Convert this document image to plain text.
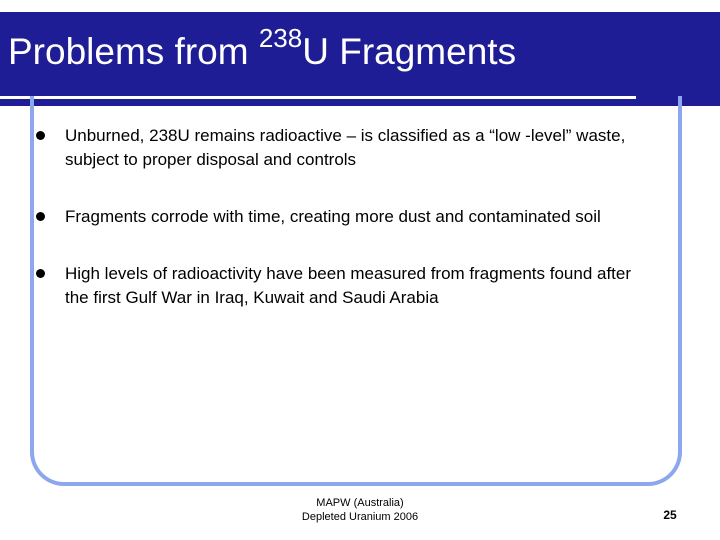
Problems from $^{238}$U Fragments
Unburned, 238U remains radioactive – is classified as a “low -level” waste, subject to proper disposal and controls
Fragments corrode with time, creating more dust and contaminated soil
High levels of radioactivity have been measured from fragments found after the first Gulf War in Iraq, Kuwait and Saudi Arabia
MAPW (Australia)
Depleted Uranium 2006	25
